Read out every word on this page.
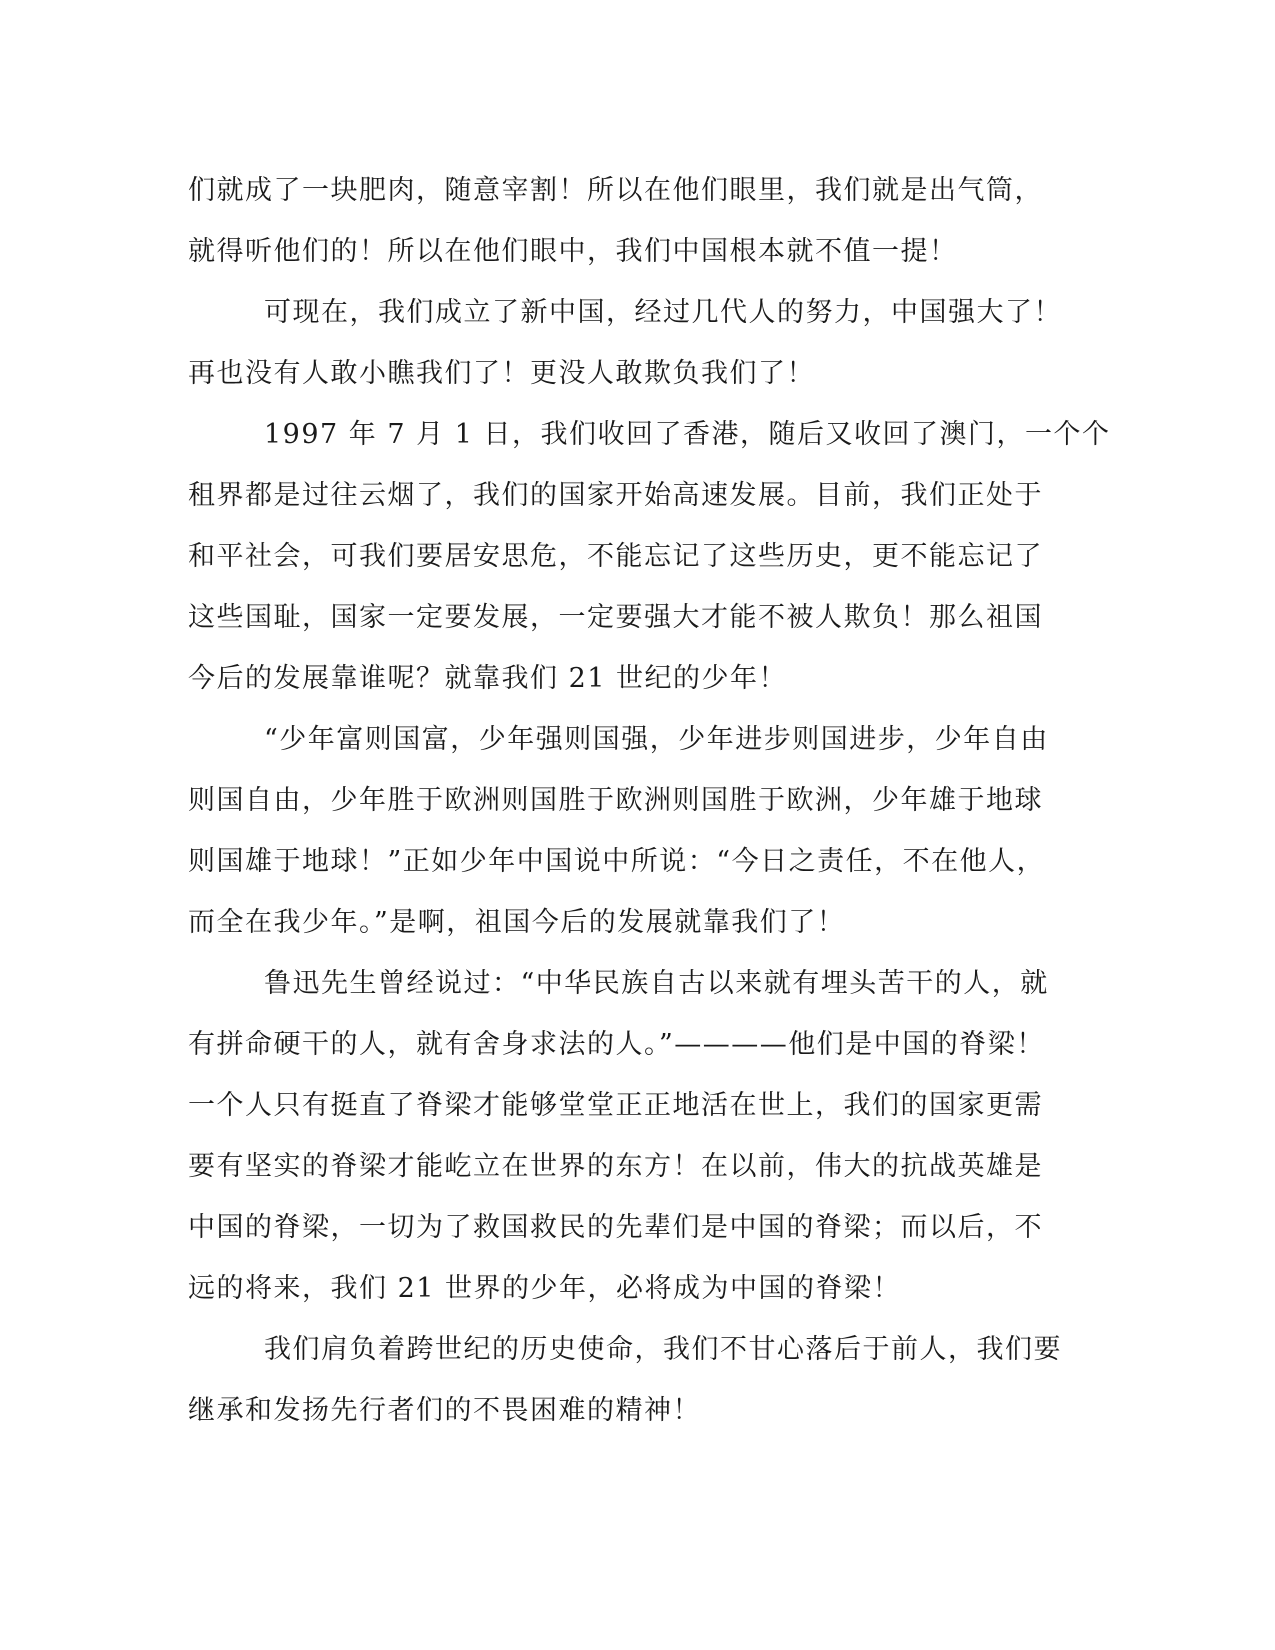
们就成了一块肥肉，随意宰割！所以在他们眼里，我们就是出气筒，
就得听他们的！所以在他们眼中，我们中国根本就不值一提！
可现在，我们成立了新中国，经过几代人的努力，中国强大了！
再也没有人敢小瞧我们了！更没人敢欺负我们了！
1997 年 7 月 1 日，我们收回了香港，随后又收回了澳门，一个个
租界都是过往云烟了，我们的国家开始高速发展。目前，我们正处于
和平社会，可我们要居安思危，不能忘记了这些历史，更不能忘记了
这些国耻，国家一定要发展，一定要强大才能不被人欺负！那么祖国
今后的发展靠谁呢？就靠我们 21 世纪的少年！
“少年富则国富，少年强则国强，少年进步则国进步，少年自由
则国自由，少年胜于欧洲则国胜于欧洲则国胜于欧洲，少年雄于地球
则国雄于地球！”正如少年中国说中所说：“今日之责任，不在他人，
而全在我少年。”是啊，祖国今后的发展就靠我们了！
鲁迅先生曾经说过：“中华民族自古以来就有埋头苦干的人，就
有拼命硬干的人，就有舍身求法的人。”————他们是中国的脊梁！
一个人只有挺直了脊梁才能够堂堂正正地活在世上，我们的国家更需
要有坚实的脊梁才能屹立在世界的东方！在以前，伟大的抗战英雄是
中国的脊梁，一切为了救国救民的先辈们是中国的脊梁；而以后，不
远的将来，我们 21 世界的少年，必将成为中国的脊梁！
我们肩负着跨世纪的历史使命，我们不甘心落后于前人，我们要
继承和发扬先行者们的不畏困难的精神！
